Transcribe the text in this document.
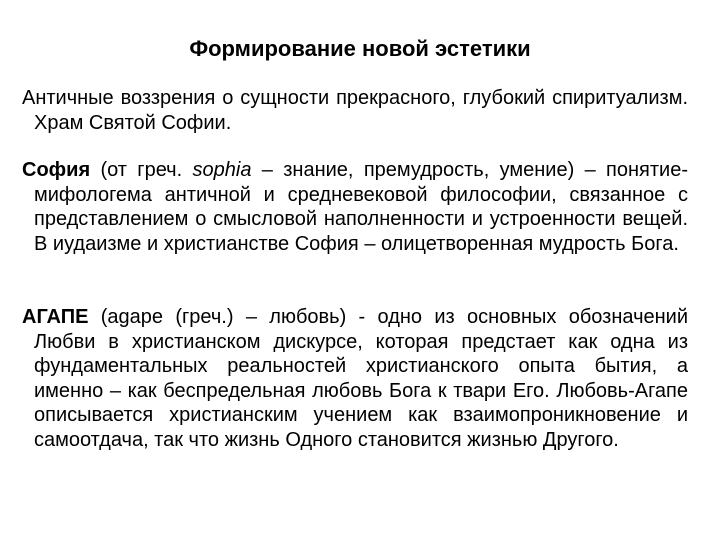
Формирование новой эстетики
Античные воззрения о сущности прекрасного, глубокий спиритуализм. Храм Святой Софии.
София (от греч. sophia – знание, премудрость, умение) – понятие-мифологема античной и средневековой философии, связанное с представлением о смысловой наполненности и устроенности вещей. В иудаизме и христианстве София – олицетворенная мудрость Бога.
АГАПЕ (agape (греч.) – любовь) - одно из основных обозначений Любви в христианском дискурсе, которая предстает как одна из фундаментальных реальностей христианского опыта бытия, а именно – как беспредельная любовь Бога к твари Его. Любовь-Агапе описывается христианским учением как взаимопроникновение и самоотдача, так что жизнь Одного становится жизнью Другого.
